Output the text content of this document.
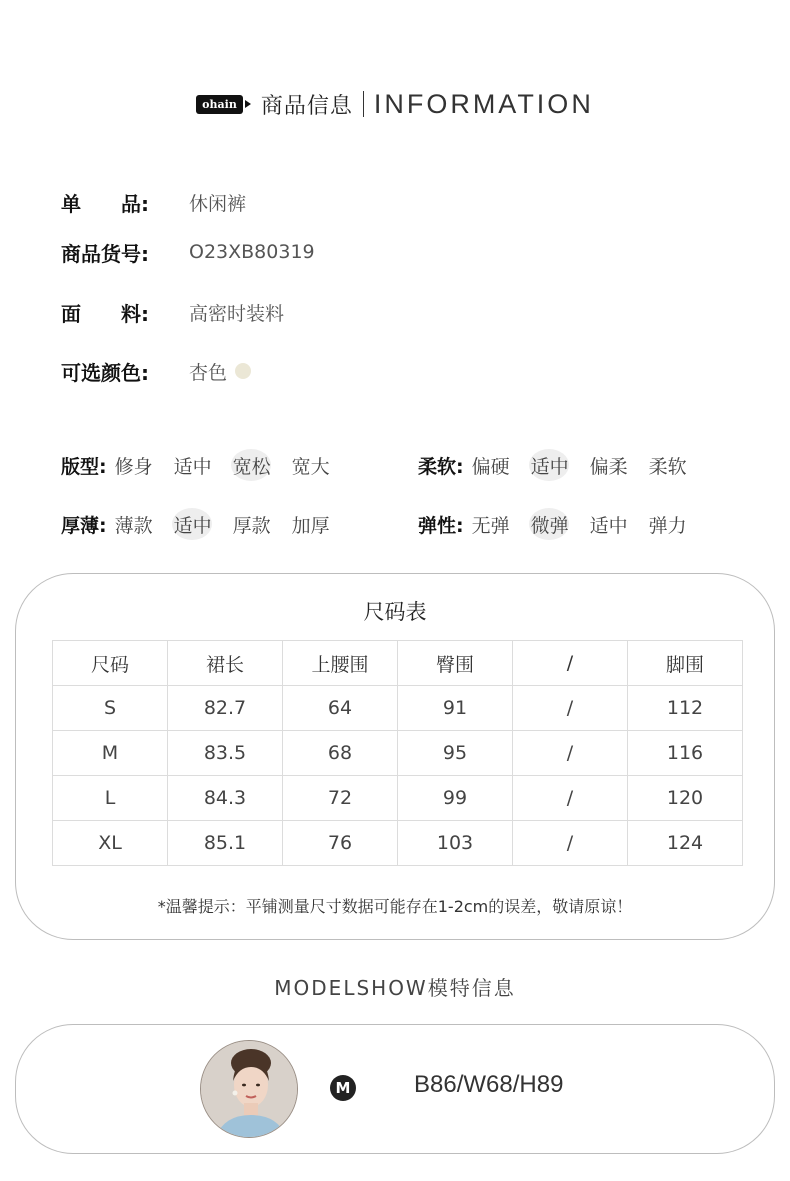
ohain 商品信息 INFORMATION
单　　品:	休闲裤
商品货号:	O23XB80319
面　　料:	高密时装料
可选颜色:	杏色
版型: 修身	适中	宽松	宽大	柔软: 偏硬	适中	偏柔	柔软
厚薄: 薄款	适中	厚款	加厚	弹性: 无弹	微弹	适中	弹力
尺码表
尺码	裙长	上腰围	臀围	/	脚围
S	82.7	64	91	/	112
M	83.5	68	95	/	116
L	84.3	72	99	/	120
XL	85.1	76	103	/	124
*温馨提示：平铺测量尺寸数据可能存在1-2cm的误差，敬请原谅！
MODELSHOW模特信息
M	B86/W68/H89
